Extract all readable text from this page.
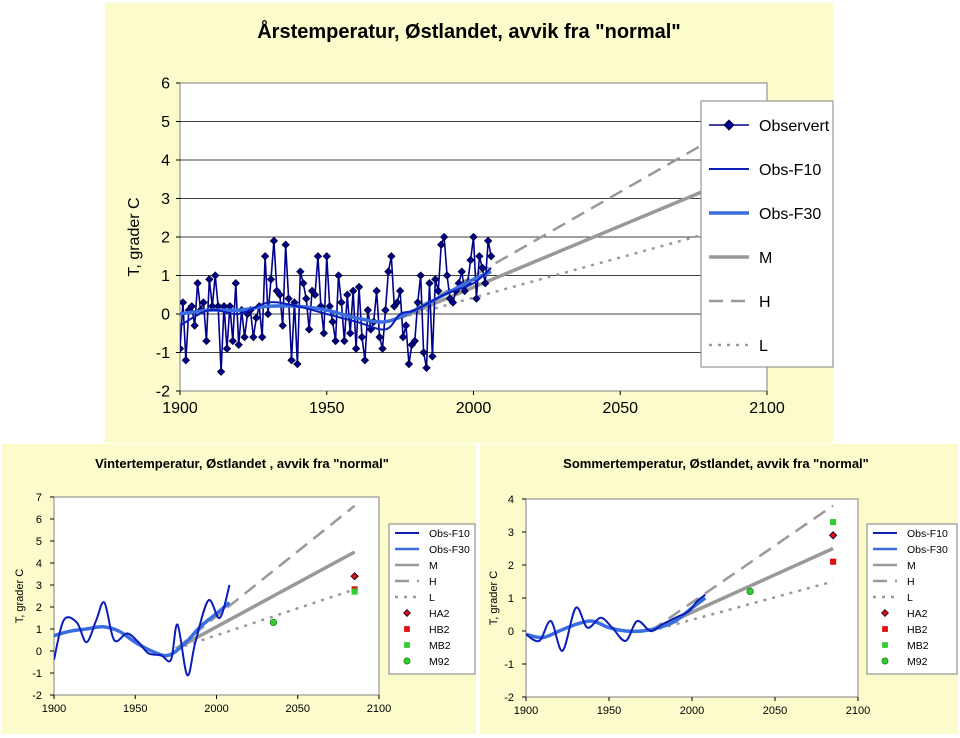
Årstemperatur, Østlandet, avvik fra "normal"
-2
-1
0
1
2
3
4
5
6
1900	1950	2000	2050	2100
T, grader C
Observert
Obs-F10
Obs-F30
M
H
L
Vintertemperatur, Østlandet , avvik fra "normal"
-2
-1
0
1
2
3
4
5
6
7
1900	1950	2000	2050	2100
T, grader C
Obs-F10
Obs-F30
M
H
L
HA2
HB2
MB2
M92
Sommertemperatur, Østlandet, avvik fra "normal"
-2
-1
0
1
2
3
4
1900	1950	2000	2050	2100
T, grader C
Obs-F10
Obs-F30
M
H
L
HA2
HB2
MB2
M92
